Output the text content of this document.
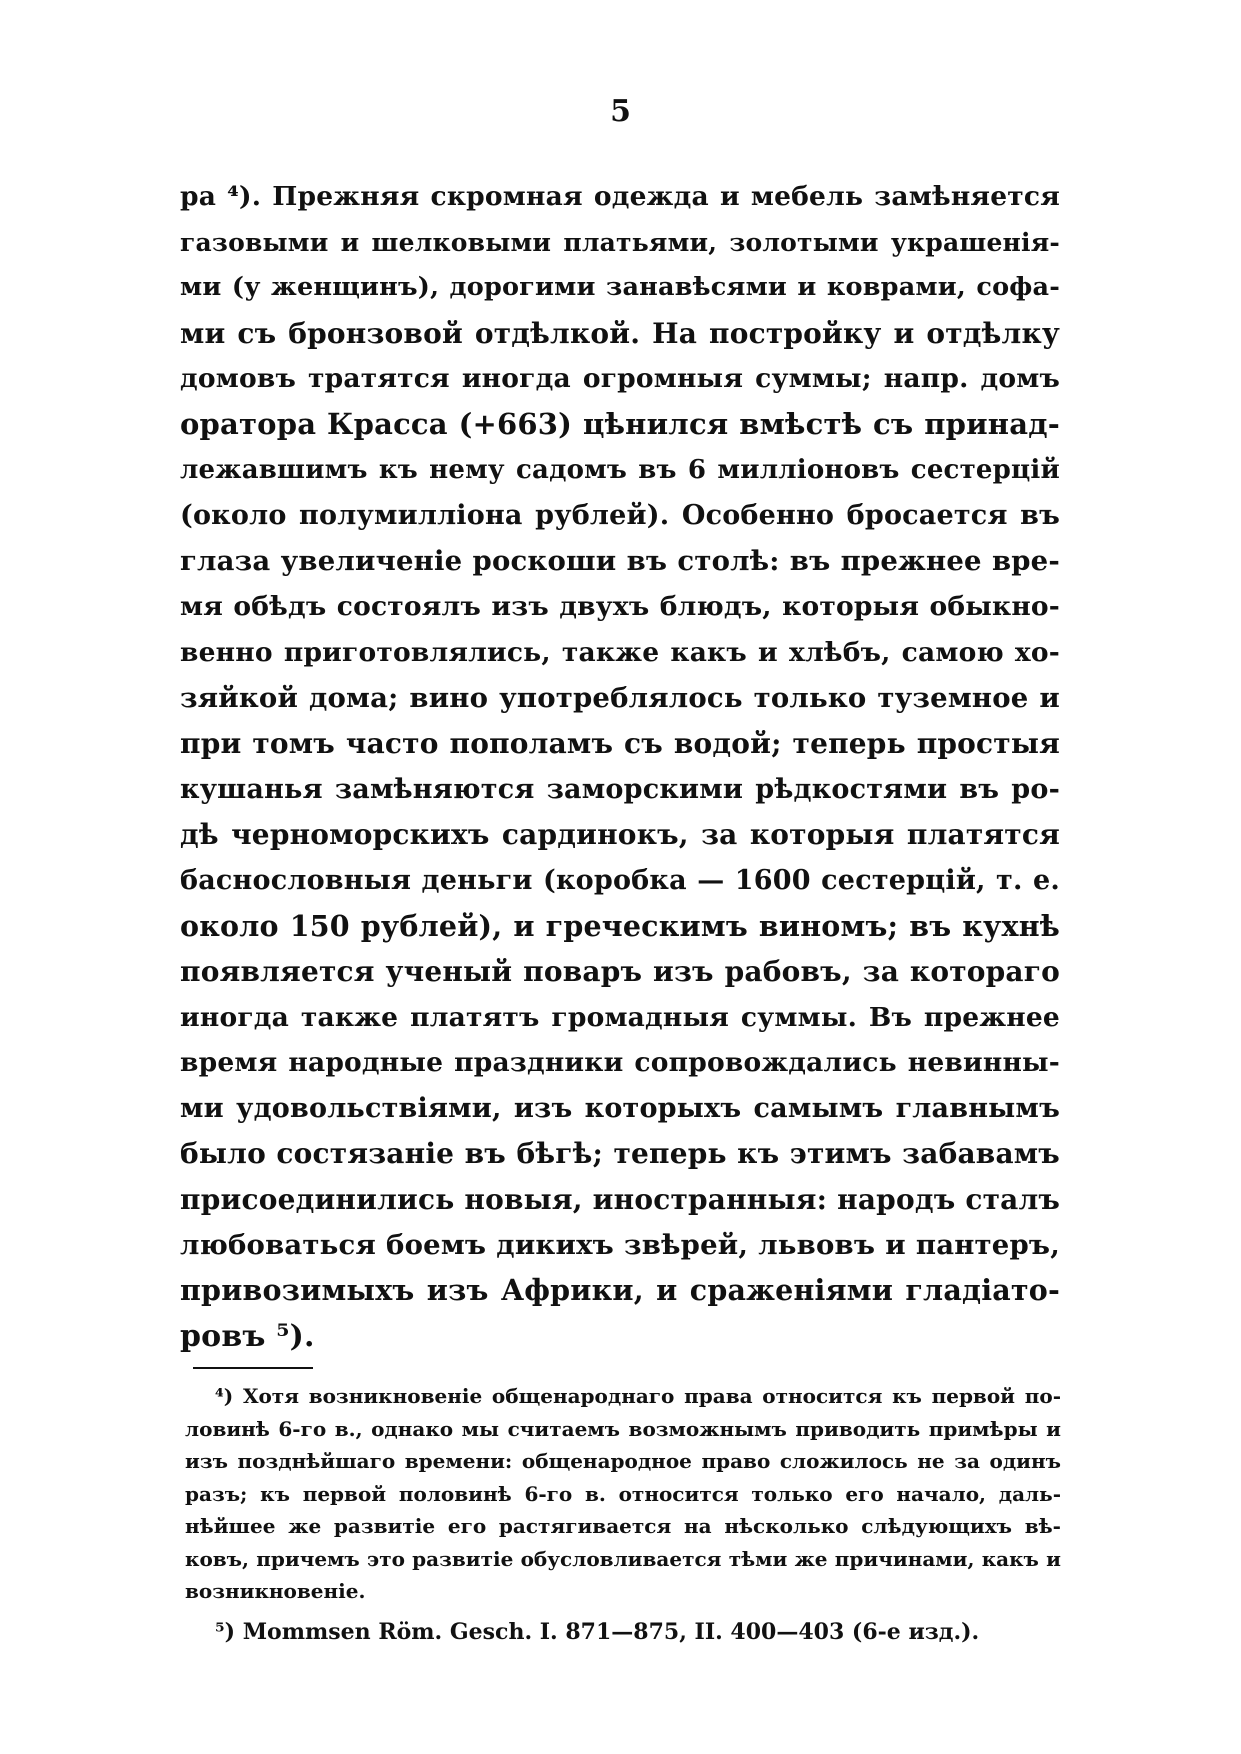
5
ра ⁴). Прежняя скромная одежда и мебель замѣняется
газовыми и шелковыми платьями, золотыми украшенія-
ми (у женщинъ), дорогими занавѣсями и коврами, софа-
ми съ бронзовой отдѣлкой. На постройку и отдѣлку
домовъ тратятся иногда огромныя суммы; напр. домъ
оратора Красса (+663) цѣнился вмѣстѣ съ принад-
лежавшимъ къ нему садомъ въ 6 милліоновъ сестерцій
(около полумилліона рублей). Особенно бросается въ
глаза увеличеніе роскоши въ столѣ: въ прежнее вре-
мя обѣдъ состоялъ изъ двухъ блюдъ, которыя обыкно-
венно приготовлялись, также какъ и хлѣбъ, самою хо-
зяйкой дома; вино употреблялось только туземное и
при томъ часто пополамъ съ водой; теперь простыя
кушанья замѣняются заморскими рѣдкостями въ ро-
дѣ черноморскихъ сардинокъ, за которыя платятся
баснословныя деньги (коробка — 1600 сестерцій, т. е.
около 150 рублей), и греческимъ виномъ; въ кухнѣ
появляется ученый поваръ изъ рабовъ, за котораго
иногда также платятъ громадныя суммы. Въ прежнее
время народные праздники сопровождались невинны-
ми удовольствіями, изъ которыхъ самымъ главнымъ
было состязаніе въ бѣгѣ; теперь къ этимъ забавамъ
присоединились новыя, иностранныя: народъ сталъ
любоваться боемъ дикихъ звѣрей, львовъ и пантеръ,
привозимыхъ изъ Африки, и сраженіями гладіато-
ровъ ⁵).
⁴) Хотя возникновеніе общенароднаго права относится къ первой по-
ловинѣ 6-го в., однако мы считаемъ возможнымъ приводить примѣры и
изъ позднѣйшаго времени: общенародное право сложилось не за одинъ
разъ; къ первой половинѣ 6-го в. относится только его начало, даль-
нѣйшее же развитіе его растягивается на нѣсколько слѣдующихъ вѣ-
ковъ, причемъ это развитіе обусловливается тѣми же причинами, какъ и
возникновеніе.
⁵) Mommsen Röm. Gesch. I. 871—875, II. 400—403 (6-е изд.).
